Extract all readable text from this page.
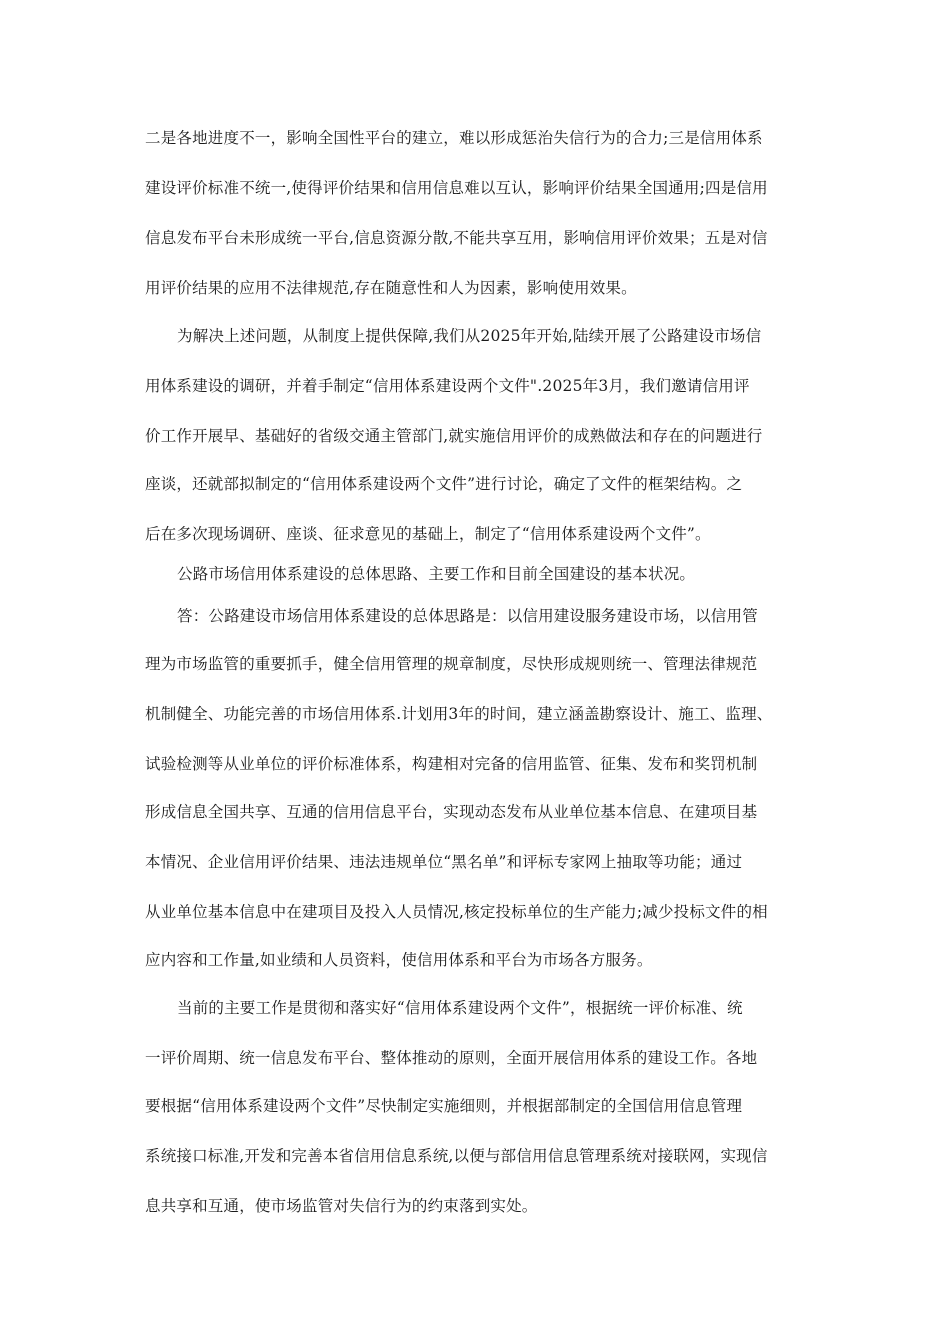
二是各地进度不一，影响全国性平台的建立，难以形成惩治失信行为的合力;三是信用体系
建设评价标准不统一,使得评价结果和信用信息难以互认，影响评价结果全国通用;四是信用
信息发布平台未形成统一平台,信息资源分散,不能共享互用，影响信用评价效果；五是对信
用评价结果的应用不法律规范,存在随意性和人为因素，影响使用效果。
为解决上述问题，从制度上提供保障,我们从2025年开始,陆续开展了公路建设市场信
用体系建设的调研，并着手制定“信用体系建设两个文件".2025年3月，我们邀请信用评
价工作开展早、基础好的省级交通主管部门,就实施信用评价的成熟做法和存在的问题进行
座谈，还就部拟制定的“信用体系建设两个文件”进行讨论，确定了文件的框架结构。之
后在多次现场调研、座谈、征求意见的基础上，制定了“信用体系建设两个文件”。
公路市场信用体系建设的总体思路、主要工作和目前全国建设的基本状况。
答：公路建设市场信用体系建设的总体思路是：以信用建设服务建设市场，以信用管
理为市场监管的重要抓手，健全信用管理的规章制度，尽快形成规则统一、管理法律规范
机制健全、功能完善的市场信用体系.计划用3年的时间，建立涵盖勘察设计、施工、监理、
试验检测等从业单位的评价标准体系，构建相对完备的信用监管、征集、发布和奖罚机制
形成信息全国共享、互通的信用信息平台，实现动态发布从业单位基本信息、在建项目基
本情况、企业信用评价结果、违法违规单位“黑名单”和评标专家网上抽取等功能；通过
从业单位基本信息中在建项目及投入人员情况,核定投标单位的生产能力;减少投标文件的相
应内容和工作量,如业绩和人员资料，使信用体系和平台为市场各方服务。
当前的主要工作是贯彻和落实好“信用体系建设两个文件”，根据统一评价标准、统
一评价周期、统一信息发布平台、整体推动的原则，全面开展信用体系的建设工作。各地
要根据“信用体系建设两个文件”尽快制定实施细则，并根据部制定的全国信用信息管理
系统接口标准,开发和完善本省信用信息系统,以便与部信用信息管理系统对接联网，实现信
息共享和互通，使市场监管对失信行为的约束落到实处。
